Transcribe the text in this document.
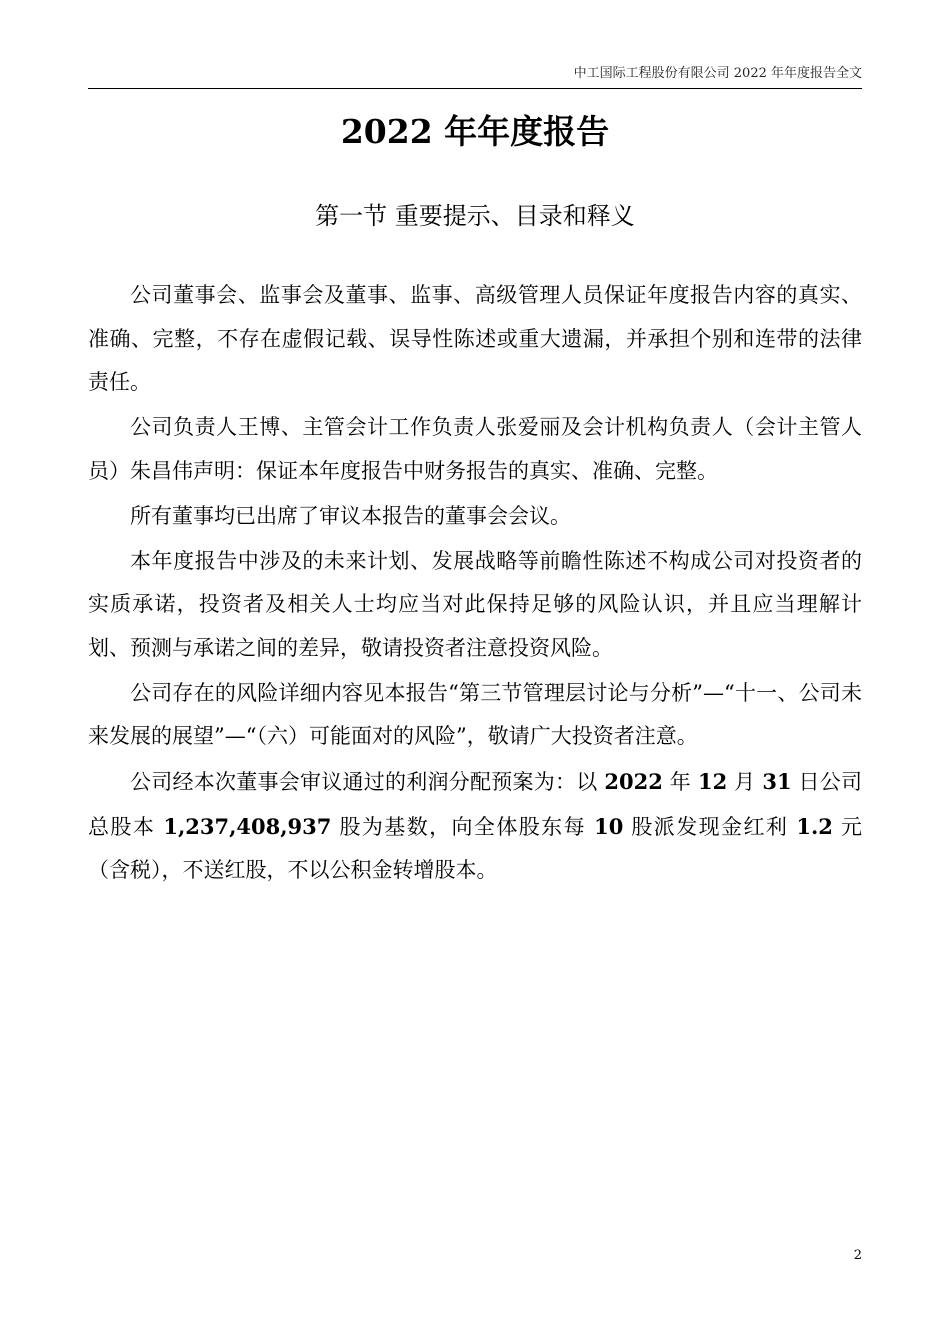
中工国际工程股份有限公司 2022 年年度报告全文
2022 年年度报告
第一节 重要提示、目录和释义

公司董事会、监事会及董事、监事、高级管理人员保证年度报告内容的真实、准确、完整，不存在虚假记载、误导性陈述或重大遗漏，并承担个别和连带的法律责任。

公司负责人王博、主管会计工作负责人张爱丽及会计机构负责人（会计主管人员）朱昌伟声明：保证本年度报告中财务报告的真实、准确、完整。

所有董事均已出席了审议本报告的董事会会议。

本年度报告中涉及的未来计划、发展战略等前瞻性陈述不构成公司对投资者的实质承诺，投资者及相关人士均应当对此保持足够的风险认识，并且应当理解计划、预测与承诺之间的差异，敬请投资者注意投资风险。

公司存在的风险详细内容见本报告“第三节管理层讨论与分析”—“十一、公司未来发展的展望”—“（六）可能面对的风险”，敬请广大投资者注意。

公司经本次董事会审议通过的利润分配预案为：以 2022 年 12 月 31 日公司总股本 1,237,408,937 股为基数，向全体股东每 10 股派发现金红利 1.2 元（含税），不送红股，不以公积金转增股本。

2
